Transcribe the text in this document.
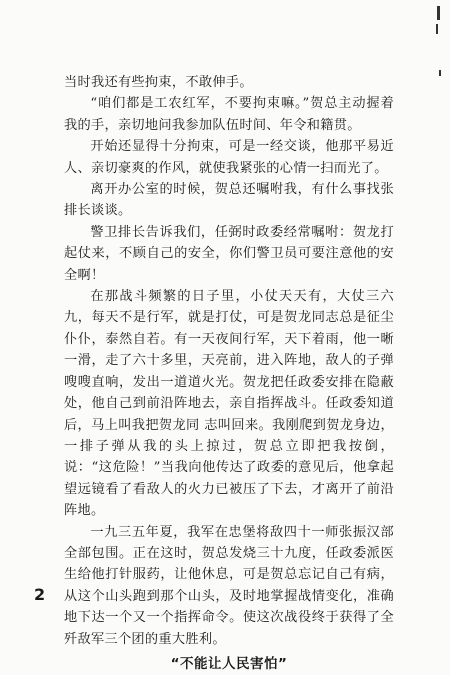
当时我还有些拘束，不敢伸手。

“咱们都是工农红军，不要拘束嘛。”贺总主动握着我的手，亲切地问我参加队伍时间、年令和籍贯。

开始还显得十分拘束，可是一经交谈，他那平易近人、亲切豪爽的作风，就使我紧张的心情一扫而光了。

离开办公室的时候，贺总还嘱咐我，有什么事找张排长谈谈。

警卫排长告诉我们，任弼时政委经常嘱咐：贺龙打起仗来，不顾自己的安全，你们警卫员可要注意他的安全啊！

在那战斗频繁的日子里，小仗天天有，大仗三六九，每天不是行军，就是打仗，可是贺龙同志总是征尘仆仆，泰然自若。有一天夜间行军，天下着雨，他一晰一滑，走了六十多里，天亮前，进入阵地，敌人的子弹嗖嗖直响，发出一道道火光。贺龙把任政委安排在隐蔽处，他自己到前沿阵地去，亲自指挥战斗。任政委知道后，马上叫我把贺龙同 志叫回来。我刚爬到贺龙身边，一排子弹从我的头上掠过，贺总立即把我按倒，说：“这危险！”当我向他传达了政委的意见后，他拿起望远镜看了看敌人的火力已被压了下去，才离开了前沿阵地。

一九三五年夏，我军在忠堡将敌四十一师张振汉部全部包围。正在这时，贺总发烧三十九度，任政委派医生给他打针服药，让他休息，可是贺总忘记自己有病，从这个山头跑到那个山头，及时地掌握战情变化，准确地下达一个又一个指挥命令。使这次战役终于获得了全歼敌军三个团的重大胜利。

“不能让人民害怕”
2
